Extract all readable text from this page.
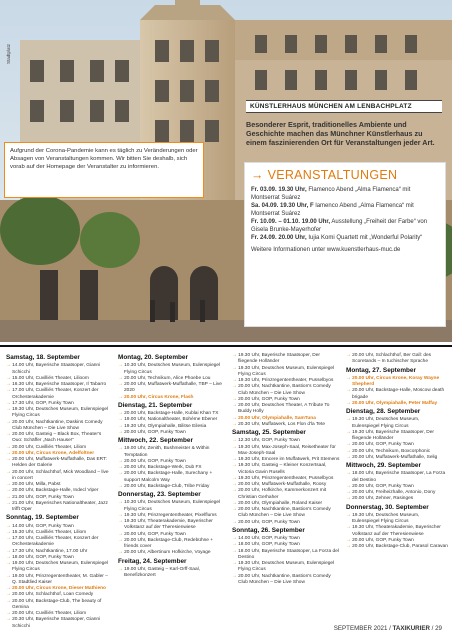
Stadtplatz
KÜNSTLERHAUS MÜNCHEN AM LENBACHPLATZ
Besonderer Esprit, traditionelles Ambiente und Geschichte machen das Münchner Künstlerhaus zu einem faszinierenden Ort für Veranstaltungen jeder Art.
Aufgrund der Corona-Pandemie kann es täglich zu Veränderungen oder Absagen von Veranstaltungen kommen. Wir bitten Sie deshalb, sich vorab auf der Homepage der Veranstalter zu informieren.
→ VERANSTALTUNGEN
Fr. 03.09. 19.30 Uhr, Flamenco Abend „Alma Flamenca“ mit Montserrat Suárez
Sa. 04.09. 19.30 Uhr, F lamenco Abend „Alma Flamenca“ mit Montserrat Suárez
Fr. 10.09. – 01.10. 19.00 Uhr, Ausstellung „Freiheit der Farbe“ von Gisela Brunke-Mayerhofer
Fr. 24.09. 20.00 Uhr, Iujia Komi Quartett mit „Wonderful Polarity“
Weitere Informationen unter www.kuenstlerhaus-muc.de
Samstag, 18. September
→ 14.00 Uhr, Bayerische Staatsoper, Gianni Schicchi
→ 15.00 Uhr, Cuvilliés Theater, Lilioom
→ 16.30 Uhr, Bayerische Staatsoper, Il Tabarro
→ 17.00 Uhr, Cuvilliés Theater, Konzert der Orchesterakademie
→ 17.30 Uhr, GOP, Funky Town
→ 19.30 Uhr, Deutsches Museum, Eulenspiegel Flying Circus
→ 20.00 Uhr, Nachtkantine, Daskins Comedy Club München – Die Live Show
→ 20.00 Uhr, Gasteig – Black Box, Theater's Ouo: Schäffer „Nach Hause!“
→ 20.00 Uhr, Cuvilliés Theater, Liliom
→ 20.00 Uhr, Circus Krone, Adelfoltner
→ 20.00 Uhr, Muffatwerk-Muffathalle, Das ERT: Helden der Galerie
→ 20.00 Uhr, Schlachthof, Mick Woodland – live in concert
→ 20.00 Uhr, Milla, Pabst
→ 20.00 Uhr, Backstage-Halle, Indecl Viper
→ 21.00 Uhr, GOP, Funky Town
→ 21.00 Uhr, Bayerisches Nationaltheater, Jazz trifft Oper
Sonntag, 19. September
→ 14.00 Uhr, GOP, Funky Town
→ 15.30 Uhr, Cuvilliés Theater, Liliom
→ 17.00 Uhr, Cuvilliés Theater, Konzert der Orchesterakademie
→ 17.30 Uhr, Nachtkantine, 17.00 Uhr
→ 18.00 Uhr, GOP, Funky Town
→ 19.00 Uhr, Deutsches Museum, Eulenspiegel Flying Circus
→ 19.00 Uhr, Prinzregententheater, M. Gabler – Q. Stadtlied Kaiser
→ 20.00 Uhr, Circus Krone, Dieser Mathieno
→ 20.00 Uhr, Schlachthof, Loan Comedy
→ 20.00 Uhr, Backstage-Club, The beauty of Gemina
→ 20.00 Uhr, Cuvilliés Theater, Liliom
→ 20.30 Uhr, Bayerische Staatsoper, Gianni Schicchi
Montag, 20. September
→ 10.30 Uhr, Deutsches Museum, Eulenspiegel Flying Circus
→ 20.00 Uhr, Technikum, Alice Phoebe Lou
→ 20.00 Uhr, Muffatwerk-Muffathalle, TBP – Live 2020
→ 20.00 Uhr, Circus Krone, Flash
Dienstag, 21. September
→ 20.00 Uhr, Backstage-Halle, Kublai Khan TX
→ 19.00 Uhr, Nationaltheater, Bohème Ebener
→ 19.30 Uhr, Olympiahalle, Bilitse Eilesia
→ 20.00 Uhr, GOP, Funky Town
Mittwoch, 22. September
→ 19.00 Uhr, Zenith, Bushmeister & Within Temptation
→ 20.00 Uhr, GOP, Funky Town
→ 20.00 Uhr, Backstage-Werk, Dub FX
→ 20.00 Uhr, Backstage-Halle, Surechany + support Malcolm Way
→ 20.00 Uhr, Backstage-Club, Tribe Friday
Donnerstag, 23. September
→ 10.30 Uhr, Deutsches Museum, Eulenspiegel Flying Circus
→ 19.30 Uhr, Prinzregententheater, Pixelflums
→ 19.30 Uhr, Theaterakademie, Bayerischer Volkstanz auf der Theresienwiese
→ 20.00 Uhr, GOP, Funky Town
→ 20.00 Uhr, Backstage-Club, Redebühne + friends cover
→ 20.00 Uhr, Albertinum Hofkirche, Voyage
Freitag, 24. September
→ 19.00 Uhr, Gasteig – Karl-Orff-Saal, Benefizkonzert
→ 19.30 Uhr, Bayerische Staatsoper, Der fliegende Holländer
→ 19.30 Uhr, Deutsches Museum, Eulenspiegel Flying Circus
→ 19.30 Uhr, Prinzregententheater, Pusselbyos
→ 20.00 Uhr, Nachtkantine, Bastion's Comedy Club München – Die Live Show
→ 20.00 Uhr, GOP, Funky Town
→ 20.00 Uhr, Deutsches Theater, A Tribute To Buddy Holly
→ 20.00 Uhr, Olympiahalle, SamTuna
→ 20.30 Uhr, Muffatwerk, Los Flon d'la Tete
Samstag, 25. September
→ 12.30 Uhr, GOP, Funky Town
→ 19.30 Uhr, Max-Joseph-Saal, Reisetheater für Max-Joseph-Saal
→ 19.30 Uhr, Emcere im Muffatwerk, Prit Stemens
→ 19.30 Uhr, Gasteig – Kleiner Konzertsaal, Victoria Gavin Rusells
→ 19.30 Uhr, Prinzregententheater, Pusselbyos
→ 20.00 Uhr, Muffatwerk-Muffathalle, Roosy
→ 20.00 Uhr, Hofkirche, Kammerkonzert mit Christian Gerhaher
→ 20.00 Uhr, Olympiahalle, Roland Kaiser
→ 20.00 Uhr, Nachtkantine, Bastion's Comedy Club München – Die Live Show
→ 20.00 Uhr, GOP, Funky Town
Sonntag, 26. September
→ 14.00 Uhr, GOP, Funky Town
→ 18.00 Uhr, GOP, Funky Town
→ 18.00 Uhr, Bayerische Staatsoper, La Forza del Destino
→ 19.30 Uhr, Deutsches Museum, Eulenspiegel Flying Circus
→ 20.00 Uhr, Nachtkantine, Bastion's Comedy Club München – Die Live Show
→ 20.00 Uhr, Schlachthof, Ber Gall: des Scoretands – In tuchischer Sprache
Montag, 27. September
→ 20.00 Uhr, Circus Krone, Koray Wayne Shepherd
→ 20.00 Uhr, Backstage-Halle, Moscow death brigade
→ 20.00 Uhr, Olympiahalle, Peter Maffay
Dienstag, 28. September
→ 19.30 Uhr, Deutsches Museum, Eulenspiegel Flying Circus
→ 19.30 Uhr, Bayerische Staatsoper, Der fliegende Holländer
→ 20.00 Uhr, GOP, Funky Town
→ 20.00 Uhr, Technikum, Boxcorphonic
→ 20.00 Uhr, Muffatwerk-Muffathalle, Selig
Mittwoch, 29. September
→ 18.00 Uhr, Bayerische Staatsoper, La Forza del Destino
→ 20.00 Uhr, GOP, Funky Town
→ 20.00 Uhr, Freiheizhalle, Antonio, Dony
→ 20.00 Uhr, Zehner, Rasinges
Donnerstag, 30. September
→ 19.30 Uhr, Deutsches Museum, Eulenspiegel Flying Circus
→ 19.30 Uhr, Theaterakademie, Bayerischer Volkstanz auf der Theresienwiese
→ 20.00 Uhr, GOP, Funky Town
→ 20.00 Uhr, Backstage-Club, Parasol Caravan
SEPTEMBER 2021 / TAXIKURIER / 29
